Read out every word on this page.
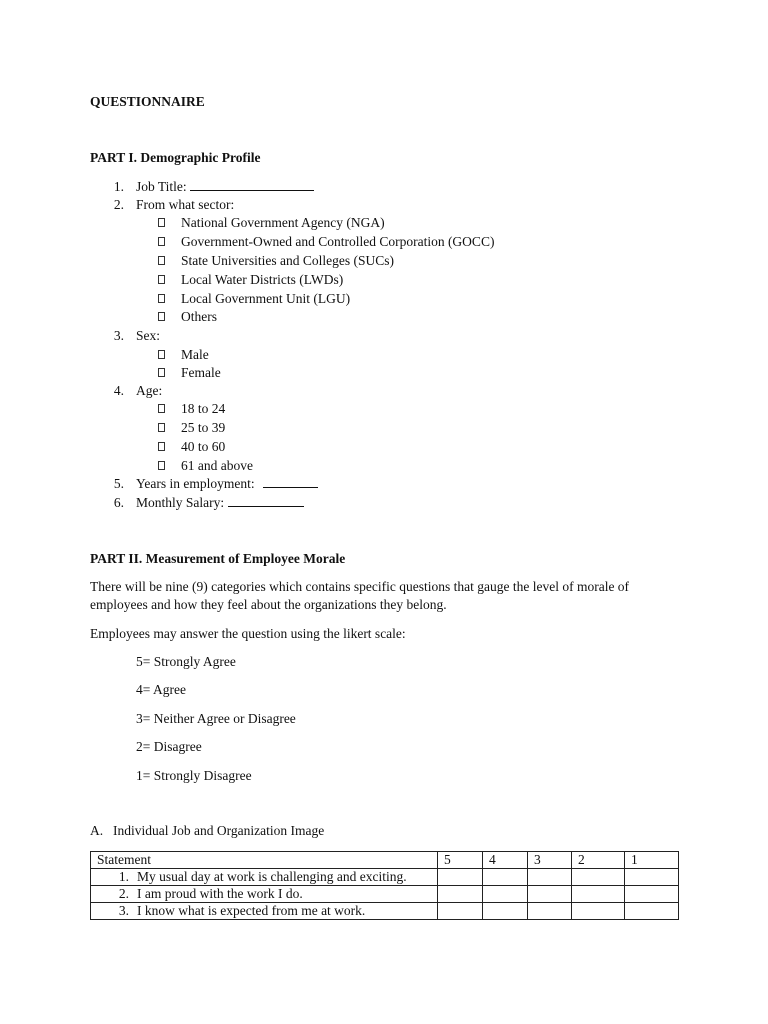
QUESTIONNAIRE
PART I. Demographic Profile
1. Job Title:
2. From what sector:
National Government Agency (NGA)
Government-Owned and Controlled Corporation (GOCC)
State Universities and Colleges (SUCs)
Local Water Districts (LWDs)
Local Government Unit (LGU)
Others
3. Sex:
Male
Female
4. Age:
18 to 24
25 to 39
40 to 60
61 and above
5. Years in employment:
6. Monthly Salary:
PART II. Measurement of Employee Morale
There will be nine (9) categories which contains specific questions that gauge the level of morale of
employees and how they feel about the organizations they belong.
Employees may answer the question using the likert scale:
5= Strongly Agree
4= Agree
3= Neither Agree or Disagree
2= Disagree
1= Strongly Disagree
A. Individual Job and Organization Image
Statement	5	4	3	2	1
1. My usual day at work is challenging and exciting.					
2. I am proud with the work I do.					
3. I know what is expected from me at work.					
